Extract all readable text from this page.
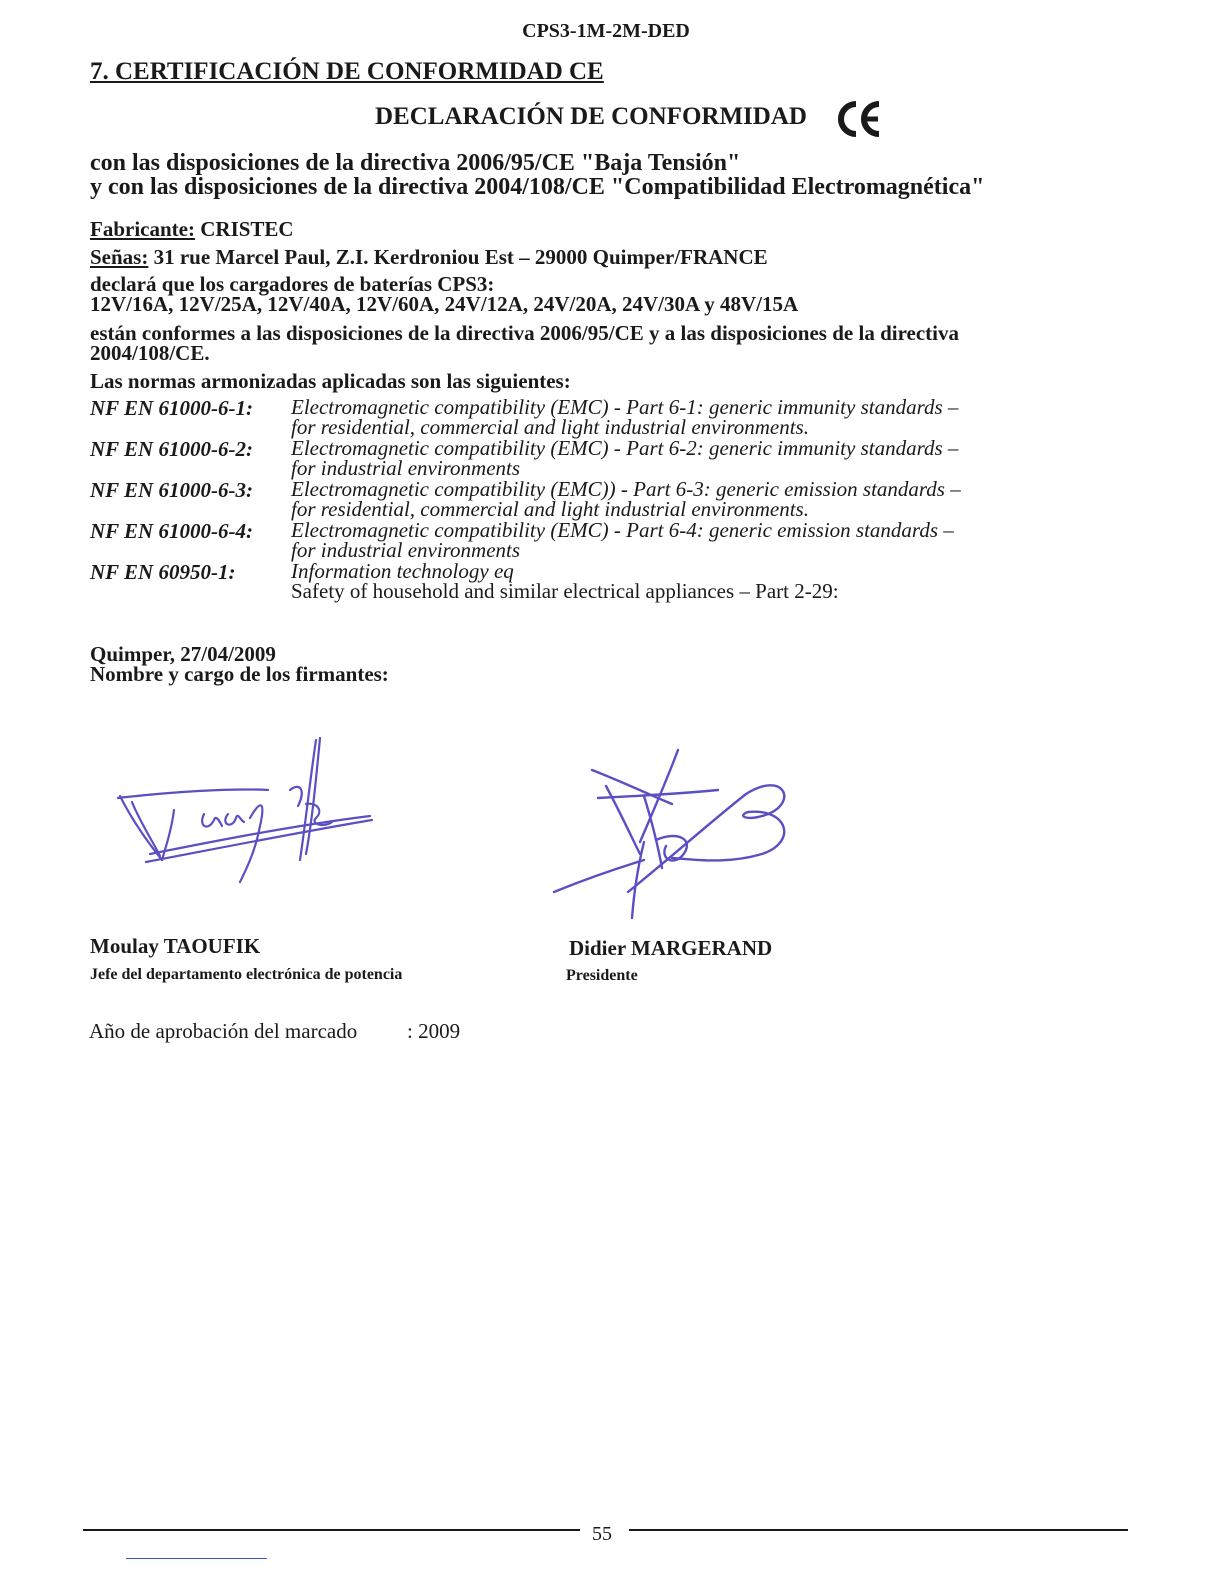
CPS3-1M-2M-DED
7. CERTIFICACIÓN DE CONFORMIDAD CE
DECLARACIÓN DE CONFORMIDAD
con las disposiciones de la directiva 2006/95/CE "Baja Tensión"
y con las disposiciones de la directiva 2004/108/CE "Compatibilidad Electromagnética"
Fabricante: CRISTEC
Señas: 31 rue Marcel Paul, Z.I. Kerdroniou Est – 29000 Quimper/FRANCE
declará que los cargadores de baterías CPS3:
12V/16A, 12V/25A, 12V/40A, 12V/60A, 24V/12A, 24V/20A, 24V/30A y 48V/15A
están conformes a las disposiciones de la directiva 2006/95/CE y a las disposiciones de la directiva
2004/108/CE.
Las normas armonizadas aplicadas son las siguientes:
NF EN 61000-6-1: Electromagnetic compatibility (EMC) - Part 6-1: generic immunity standards –
for residential, commercial and light industrial environments.
NF EN 61000-6-2: Electromagnetic compatibility (EMC) - Part 6-2: generic immunity standards –
for industrial environments
NF EN 61000-6-3: Electromagnetic compatibility (EMC)) - Part 6-3: generic emission standards –
for residential, commercial and light industrial environments.
NF EN 61000-6-4: Electromagnetic compatibility (EMC) - Part 6-4: generic emission standards –
for industrial environments
NF EN 60950-1:	Information technology eq
Safety of household and similar electrical appliances – Part 2-29:
Quimper, 27/04/2009
Nombre y cargo de los firmantes:
Moulay TAOUFIK
Jefe del departamento electrónica de potencia
Didier MARGERAND
Presidente
Año de aprobación del marcado : 2009
55
